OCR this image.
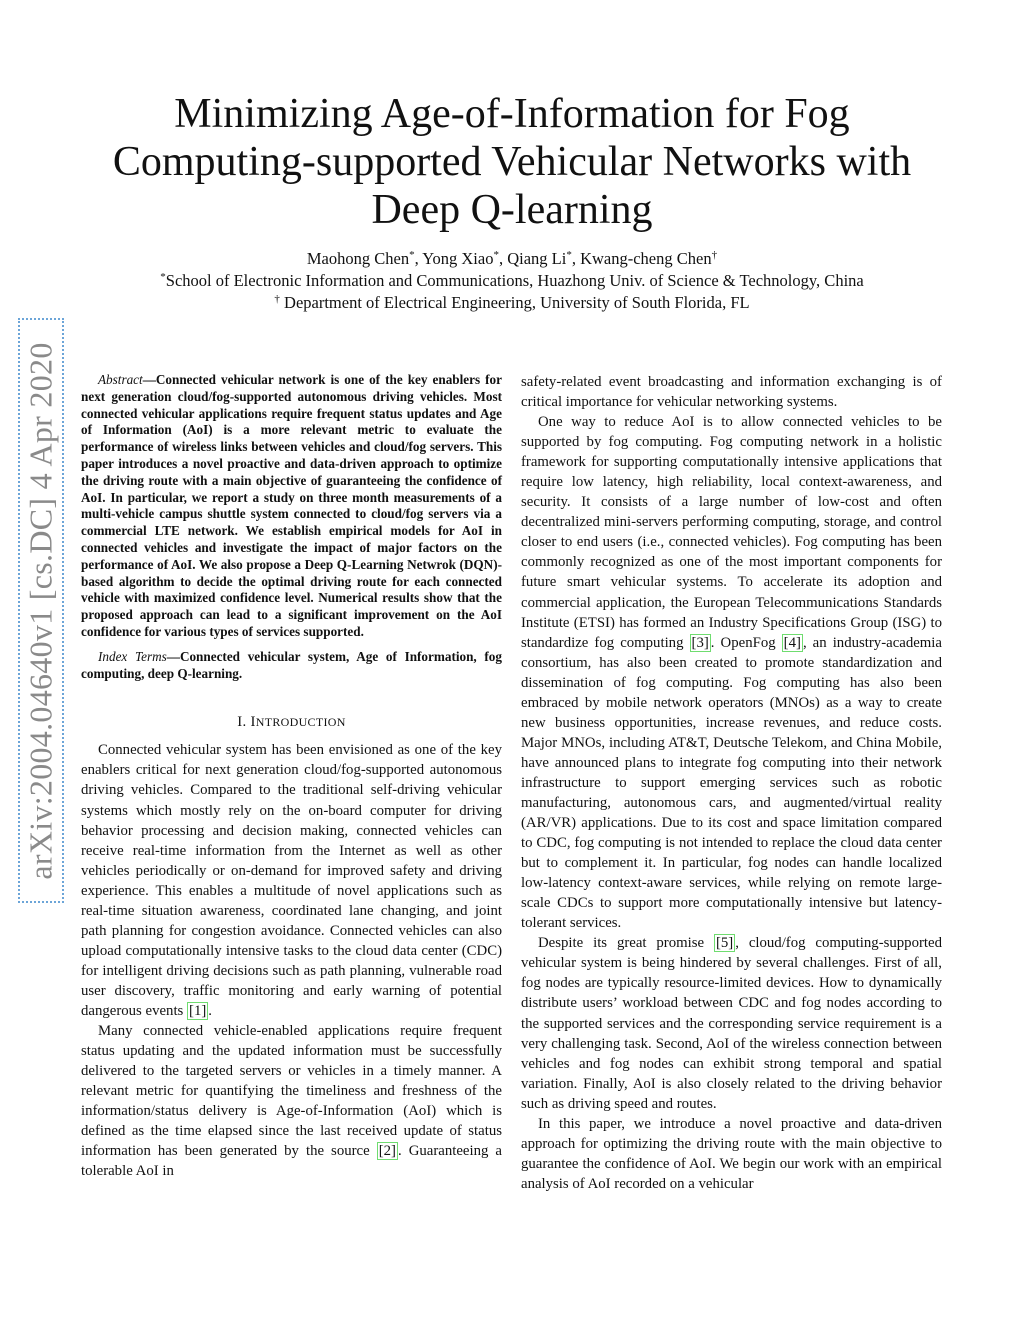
Minimizing Age-of-Information for Fog Computing-supported Vehicular Networks with Deep Q-learning
Maohong Chen*, Yong Xiao*, Qiang Li*, Kwang-cheng Chen†
*School of Electronic Information and Communications, Huazhong Univ. of Science & Technology, China
† Department of Electrical Engineering, University of South Florida, FL
arXiv:2004.04640v1 [cs.DC] 4 Apr 2020	Abstract—Connected vehicular network is one of the key enablers for next generation cloud/fog-supported autonomous driving vehicles. Most connected vehicular applications require frequent status updates and Age of Information (AoI) is a more relevant metric to evaluate the performance of wireless links between vehicles and cloud/fog servers. This paper introduces a novel proactive and data-driven approach to optimize the driving route with a main objective of guaranteeing the confidence of AoI. In particular, we report a study on three month measurements of a multi-vehicle campus shuttle system connected to cloud/fog servers via a commercial LTE network. We establish empirical models for AoI in connected vehicles and investigate the impact of major factors on the performance of AoI. We also propose a Deep Q-Learning Netwrok (DQN)-based algorithm to decide the optimal driving route for each connected vehicle with maximized confidence level. Numerical results show that the proposed approach can lead to a significant improvement on the AoI confidence for various types of services supported.

Index Terms—Connected vehicular system, Age of Information, fog computing, deep Q-learning.

I. INTRODUCTION

Connected vehicular system has been envisioned as one of the key enablers critical for next generation cloud/fog-supported autonomous driving vehicles. Compared to the traditional self-driving vehicular systems which mostly rely on the on-board computer for driving behavior processing and decision making, connected vehicles can receive real-time information from the Internet as well as other vehicles periodically or on-demand for improved safety and driving experience. This enables a multitude of novel applications such as real-time situation awareness, coordinated lane changing, and joint path planning for congestion avoidance. Connected vehicles can also upload computationally intensive tasks to the cloud data center (CDC) for intelligent driving decisions such as path planning, vulnerable road user discovery, traffic monitoring and early warning of potential dangerous events [1] .

Many connected vehicle-enabled applications require frequent status updating and the updated information must be successfully delivered to the targeted servers or vehicles in a timely manner. A relevant metric for quantifying the timeliness and freshness of the information/status delivery is Age-of-Information (AoI) which is defined as the time elapsed since the last received update of status information has been generated by the source [2] . Guaranteeing a tolerable AoI in

safety-related event broadcasting and information exchanging is of critical importance for vehicular networking systems.

One way to reduce AoI is to allow connected vehicles to be supported by fog computing. Fog computing network in a holistic framework for supporting computationally intensive applications that require low latency, high reliability, local context-awareness, and security. It consists of a large number of low-cost and often decentralized mini-servers performing computing, storage, and control closer to end users (i.e., connected vehicles). Fog computing has been commonly recognized as one of the most important components for future smart vehicular systems. To accelerate its adoption and commercial application, the European Telecommunications Standards Institute (ETSI) has formed an Industry Specifications Group (ISG) to standardize fog computing [3] . OpenFog [4] , an industry-academia consortium, has also been created to promote standardization and dissemination of fog computing. Fog computing has also been embraced by mobile network operators (MNOs) as a way to create new business opportunities, increase revenues, and reduce costs. Major MNOs, including AT&T, Deutsche Telekom, and China Mobile, have announced plans to integrate fog computing into their network infrastructure to support emerging services such as robotic manufacturing, autonomous cars, and augmented/virtual reality (AR/VR) applications. Due to its cost and space limitation compared to CDC, fog computing is not intended to replace the cloud data center but to complement it. In particular, fog nodes can handle localized low-latency context-aware services, while relying on remote large-scale CDCs to support more computationally intensive but latency-tolerant services.

Despite its great promise [5] , cloud/fog computing-supported vehicular system is being hindered by several challenges. First of all, fog nodes are typically resource-limited devices. How to dynamically distribute users’ workload between CDC and fog nodes according to the supported services and the corresponding service requirement is a very challenging task. Second, AoI of the wireless connection between vehicles and fog nodes can exhibit strong temporal and spatial variation. Finally, AoI is also closely related to the driving behavior such as driving speed and routes.

In this paper, we introduce a novel proactive and data-driven approach for optimizing the driving route with the main objective to guarantee the confidence of AoI. We begin our work with an empirical analysis of AoI recorded on a vehicular
